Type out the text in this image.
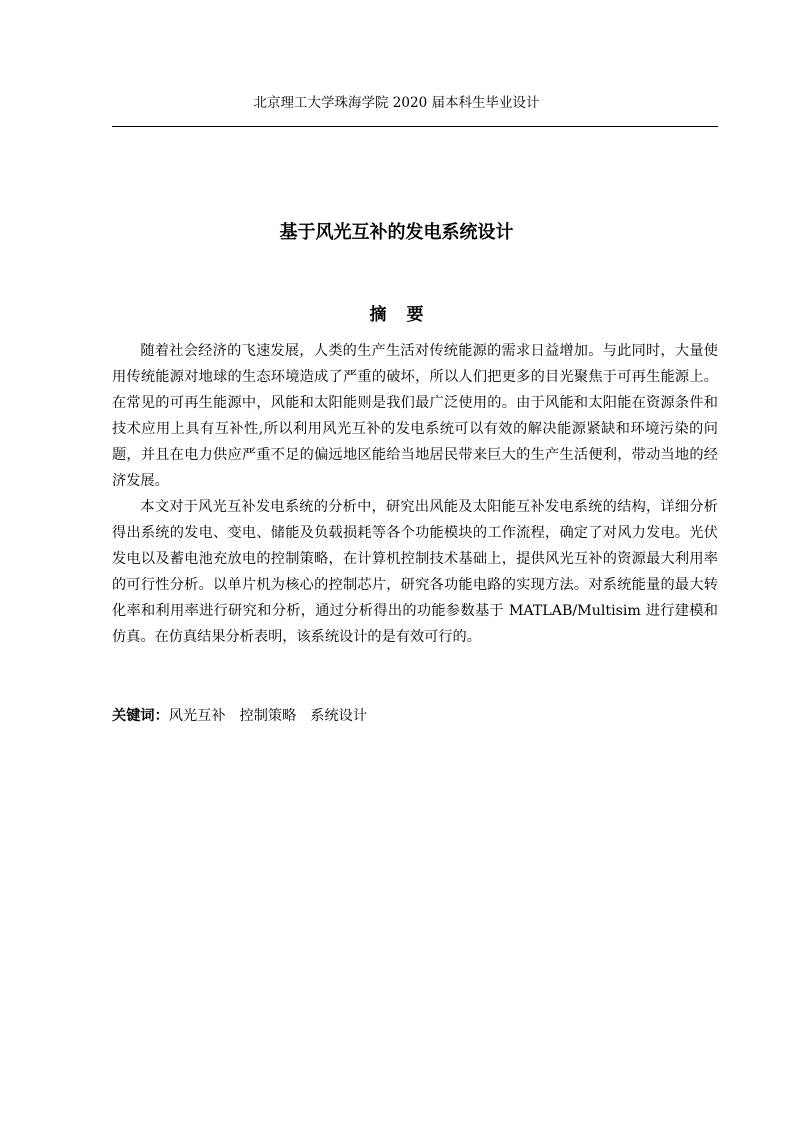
北京理工大学珠海学院 2020 届本科生毕业设计
基于风光互补的发电系统设计
摘要

随着社会经济的飞速发展，人类的生产生活对传统能源的需求日益增加。与此同时，大量使用传统能源对地球的生态环境造成了严重的破坏，所以人们把更多的目光聚焦于可再生能源上。在常见的可再生能源中，风能和太阳能则是我们最广泛使用的。由于风能和太阳能在资源条件和技术应用上具有互补性,所以利用风光互补的发电系统可以有效的解决能源紧缺和环境污染的问题，并且在电力供应严重不足的偏远地区能给当地居民带来巨大的生产生活便利，带动当地的经济发展。

本文对于风光互补发电系统的分析中，研究出风能及太阳能互补发电系统的结构，详细分析得出系统的发电、变电、储能及负载损耗等各个功能模块的工作流程，确定了对风力发电。光伏发电以及蓄电池充放电的控制策略，在计算机控制技术基础上，提供风光互补的资源最大利用率的可行性分析。以单片机为核心的控制芯片，研究各功能电路的实现方法。对系统能量的最大转化率和利用率进行研究和分析，通过分析得出的功能参数基于 MATLAB/Multisim 进行建模和仿真。在仿真结果分析表明，该系统设计的是有效可行的。

关键词：风光互补 控制策略 系统设计
